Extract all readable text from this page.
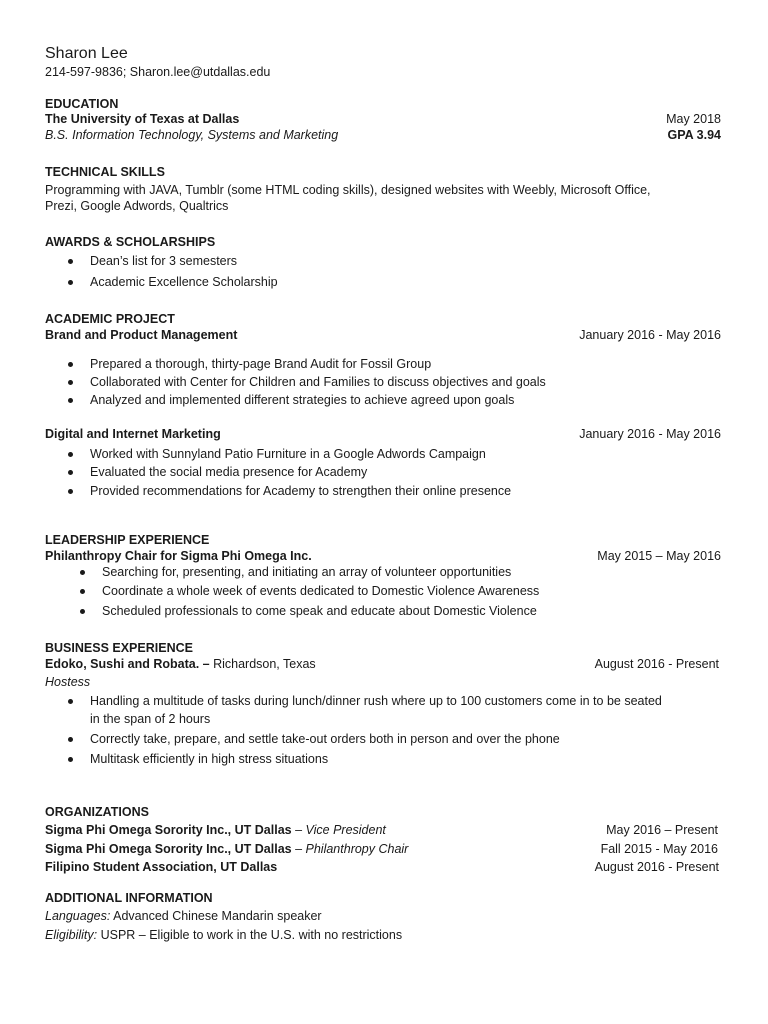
Sharon Lee
214-597-9836; Sharon.lee@utdallas.edu
EDUCATION
The University of Texas at Dallas	May 2018
B.S. Information Technology, Systems and Marketing	GPA 3.94
TECHNICAL SKILLS
Programming with JAVA, Tumblr (some HTML coding skills), designed websites with Weebly, Microsoft Office,
Prezi, Google Adwords, Qualtrics
AWARDS & SCHOLARSHIPS
Dean’s list for 3 semesters
Academic Excellence Scholarship
ACADEMIC PROJECT
Brand and Product Management	January 2016 - May 2016
Prepared a thorough, thirty-page Brand Audit for Fossil Group
Collaborated with Center for Children and Families to discuss objectives and goals
Analyzed and implemented different strategies to achieve agreed upon goals
Digital and Internet Marketing	January 2016 - May 2016
Worked with Sunnyland Patio Furniture in a Google Adwords Campaign
Evaluated the social media presence for Academy
Provided recommendations for Academy to strengthen their online presence
LEADERSHIP EXPERIENCE
Philanthropy Chair for Sigma Phi Omega Inc.	May 2015 – May 2016
Searching for, presenting, and initiating an array of volunteer opportunities
Coordinate a whole week of events dedicated to Domestic Violence Awareness
Scheduled professionals to come speak and educate about Domestic Violence
BUSINESS EXPERIENCE
Edoko, Sushi and Robata. – Richardson, Texas	August 2016 - Present
Hostess
Handling a multitude of tasks during lunch/dinner rush where up to 100 customers come in to be seated
in the span of 2 hours
Correctly take, prepare, and settle take-out orders both in person and over the phone
Multitask efficiently in high stress situations
ORGANIZATIONS
Sigma Phi Omega Sorority Inc., UT Dallas – Vice President	May 2016 – Present
Sigma Phi Omega Sorority Inc., UT Dallas – Philanthropy Chair	Fall 2015 - May 2016
Filipino Student Association, UT Dallas	August 2016 - Present
ADDITIONAL INFORMATION
Languages: Advanced Chinese Mandarin speaker
Eligibility: USPR – Eligible to work in the U.S. with no restrictions
